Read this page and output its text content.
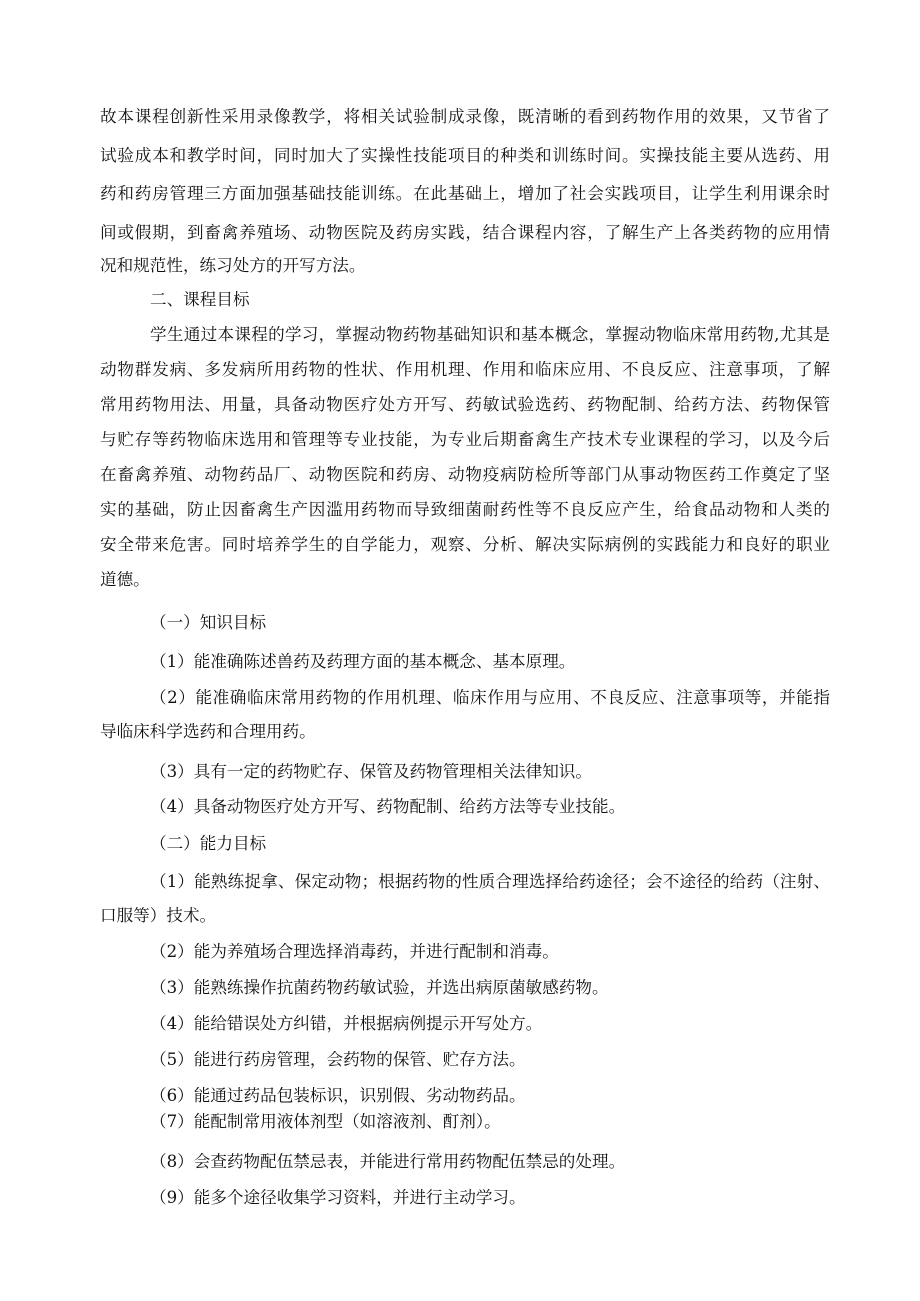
故本课程创新性采用录像教学，将相关试验制成录像，既清晰的看到药物作用的效果，又节省了
试验成本和教学时间，同时加大了实操性技能项目的种类和训练时间。实操技能主要从选药、用
药和药房管理三方面加强基础技能训练。在此基础上，增加了社会实践项目，让学生利用课余时
间或假期，到畜禽养殖场、动物医院及药房实践，结合课程内容，了解生产上各类药物的应用情
况和规范性，练习处方的开写方法。
二、课程目标
学生通过本课程的学习，掌握动物药物基础知识和基本概念，掌握动物临床常用药物,尤其是
动物群发病、多发病所用药物的性状、作用机理、作用和临床应用、不良反应、注意事项，了解
常用药物用法、用量，具备动物医疗处方开写、药敏试验选药、药物配制、给药方法、药物保管
与贮存等药物临床选用和管理等专业技能，为专业后期畜禽生产技术专业课程的学习，以及今后
在畜禽养殖、动物药品厂、动物医院和药房、动物疫病防检所等部门从事动物医药工作奠定了坚
实的基础，防止因畜禽生产因滥用药物而导致细菌耐药性等不良反应产生，给食品动物和人类的
安全带来危害。同时培养学生的自学能力，观察、分析、解决实际病例的实践能力和良好的职业
道德。
（一）知识目标
（1）能准确陈述兽药及药理方面的基本概念、基本原理。
（2）能准确临床常用药物的作用机理、临床作用与应用、不良反应、注意事项等，并能指
导临床科学选药和合理用药。
（3）具有一定的药物贮存、保管及药物管理相关法律知识。
（4）具备动物医疗处方开写、药物配制、给药方法等专业技能。
（二）能力目标
（1）能熟练捉拿、保定动物；根据药物的性质合理选择给药途径；会不途径的给药（注射、
口服等）技术。
（2）能为养殖场合理选择消毒药，并进行配制和消毒。
（3）能熟练操作抗菌药物药敏试验，并选出病原菌敏感药物。
（4）能给错误处方纠错，并根据病例提示开写处方。
（5）能进行药房管理，会药物的保管、贮存方法。
（6）能通过药品包装标识，识别假、劣动物药品。
（7）能配制常用液体剂型（如溶液剂、酊剂）。
（8）会查药物配伍禁忌表，并能进行常用药物配伍禁忌的处理。
（9）能多个途径收集学习资料，并进行主动学习。
